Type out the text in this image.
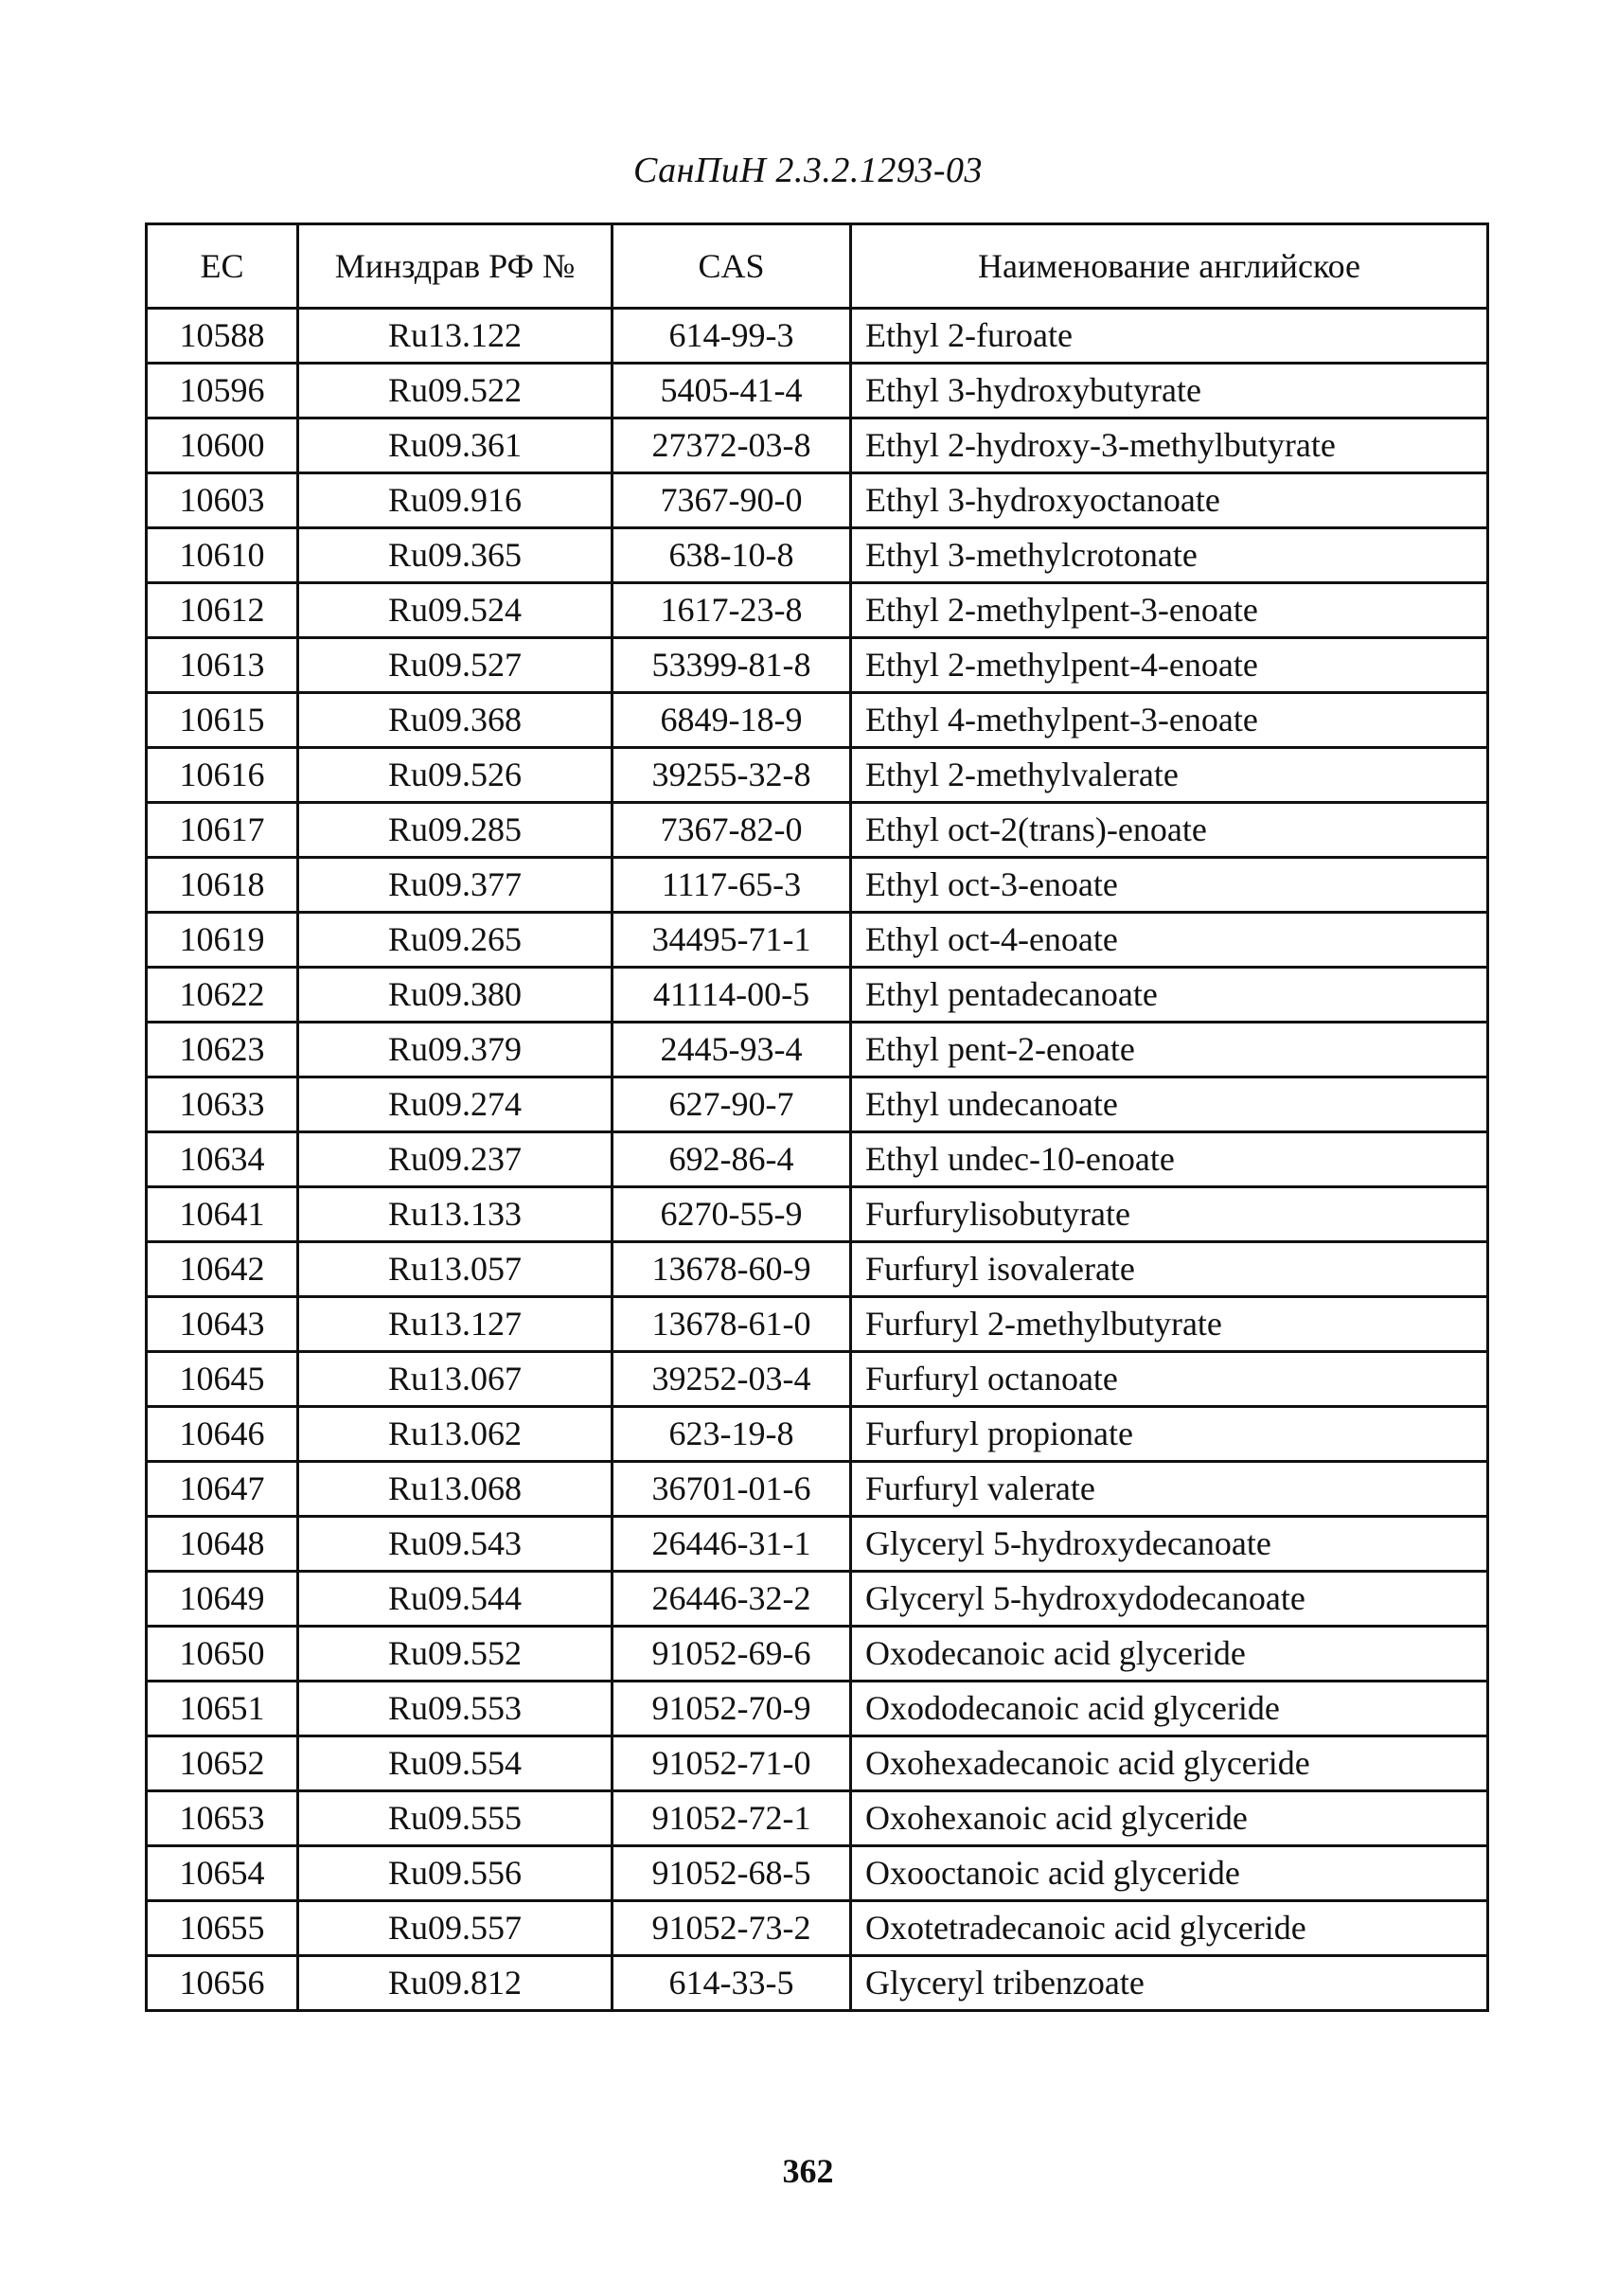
СанПиН 2.3.2.1293-03
EC	Минздрав РФ №	CAS	Наименование английское
10588	Ru13.122	614-99-3	Ethyl 2-furoate
10596	Ru09.522	5405-41-4	Ethyl 3-hydroxybutyrate
10600	Ru09.361	27372-03-8	Ethyl 2-hydroxy-3-methylbutyrate
10603	Ru09.916	7367-90-0	Ethyl 3-hydroxyoctanoate
10610	Ru09.365	638-10-8	Ethyl 3-methylcrotonate
10612	Ru09.524	1617-23-8	Ethyl 2-methylpent-3-enoate
10613	Ru09.527	53399-81-8	Ethyl 2-methylpent-4-enoate
10615	Ru09.368	6849-18-9	Ethyl 4-methylpent-3-enoate
10616	Ru09.526	39255-32-8	Ethyl 2-methylvalerate
10617	Ru09.285	7367-82-0	Ethyl oct-2(trans)-enoate
10618	Ru09.377	1117-65-3	Ethyl oct-3-enoate
10619	Ru09.265	34495-71-1	Ethyl oct-4-enoate
10622	Ru09.380	41114-00-5	Ethyl pentadecanoate
10623	Ru09.379	2445-93-4	Ethyl pent-2-enoate
10633	Ru09.274	627-90-7	Ethyl undecanoate
10634	Ru09.237	692-86-4	Ethyl undec-10-enoate
10641	Ru13.133	6270-55-9	Furfurylisobutyrate
10642	Ru13.057	13678-60-9	Furfuryl isovalerate
10643	Ru13.127	13678-61-0	Furfuryl 2-methylbutyrate
10645	Ru13.067	39252-03-4	Furfuryl octanoate
10646	Ru13.062	623-19-8	Furfuryl propionate
10647	Ru13.068	36701-01-6	Furfuryl valerate
10648	Ru09.543	26446-31-1	Glyceryl 5-hydroxydecanoate
10649	Ru09.544	26446-32-2	Glyceryl 5-hydroxydodecanoate
10650	Ru09.552	91052-69-6	Oxodecanoic acid glyceride
10651	Ru09.553	91052-70-9	Oxododecanoic acid glyceride
10652	Ru09.554	91052-71-0	Oxohexadecanoic acid glyceride
10653	Ru09.555	91052-72-1	Oxohexanoic acid glyceride
10654	Ru09.556	91052-68-5	Oxooctanoic acid glyceride
10655	Ru09.557	91052-73-2	Oxotetradecanoic acid glyceride
10656	Ru09.812	614-33-5	Glyceryl tribenzoate
362
